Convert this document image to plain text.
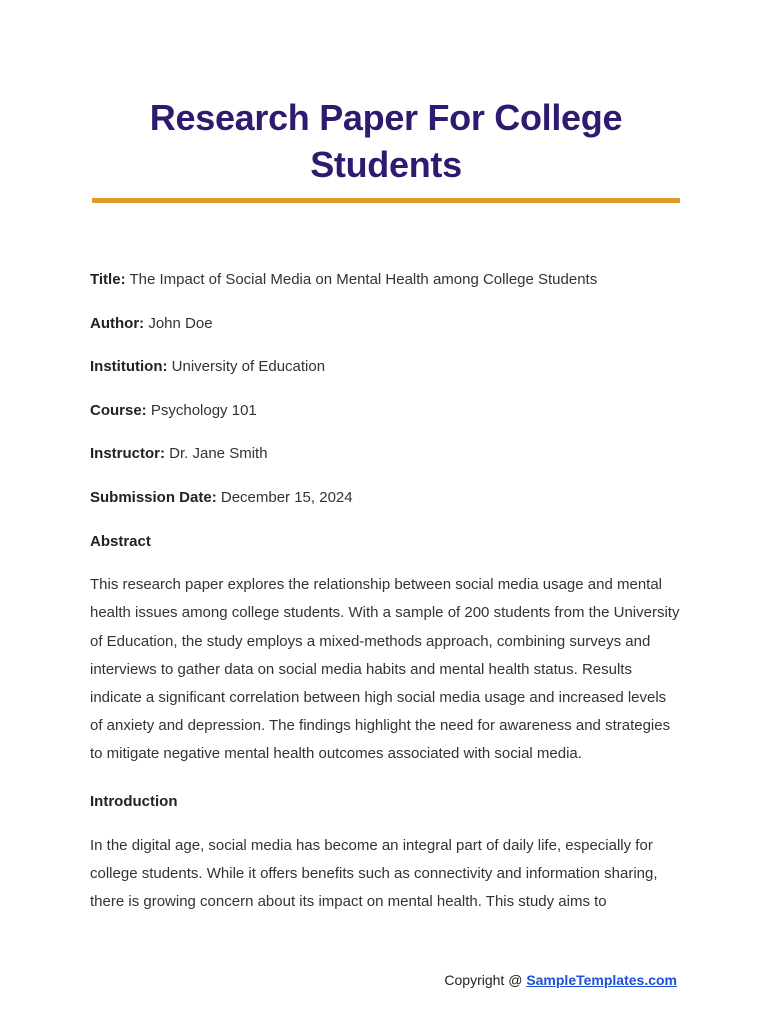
Research Paper For College Students

Title: The Impact of Social Media on Mental Health among College Students

Author: John Doe

Institution: University of Education

Course: Psychology 101

Instructor: Dr. Jane Smith

Submission Date: December 15, 2024

Abstract

This research paper explores the relationship between social media usage and mental health issues among college students. With a sample of 200 students from the University of Education, the study employs a mixed-methods approach, combining surveys and interviews to gather data on social media habits and mental health status. Results indicate a significant correlation between high social media usage and increased levels of anxiety and depression. The findings highlight the need for awareness and strategies to mitigate negative mental health outcomes associated with social media.

Introduction

In the digital age, social media has become an integral part of daily life, especially for college students. While it offers benefits such as connectivity and information sharing, there is growing concern about its impact on mental health. This study aims to

Copyright @ SampleTemplates.com
